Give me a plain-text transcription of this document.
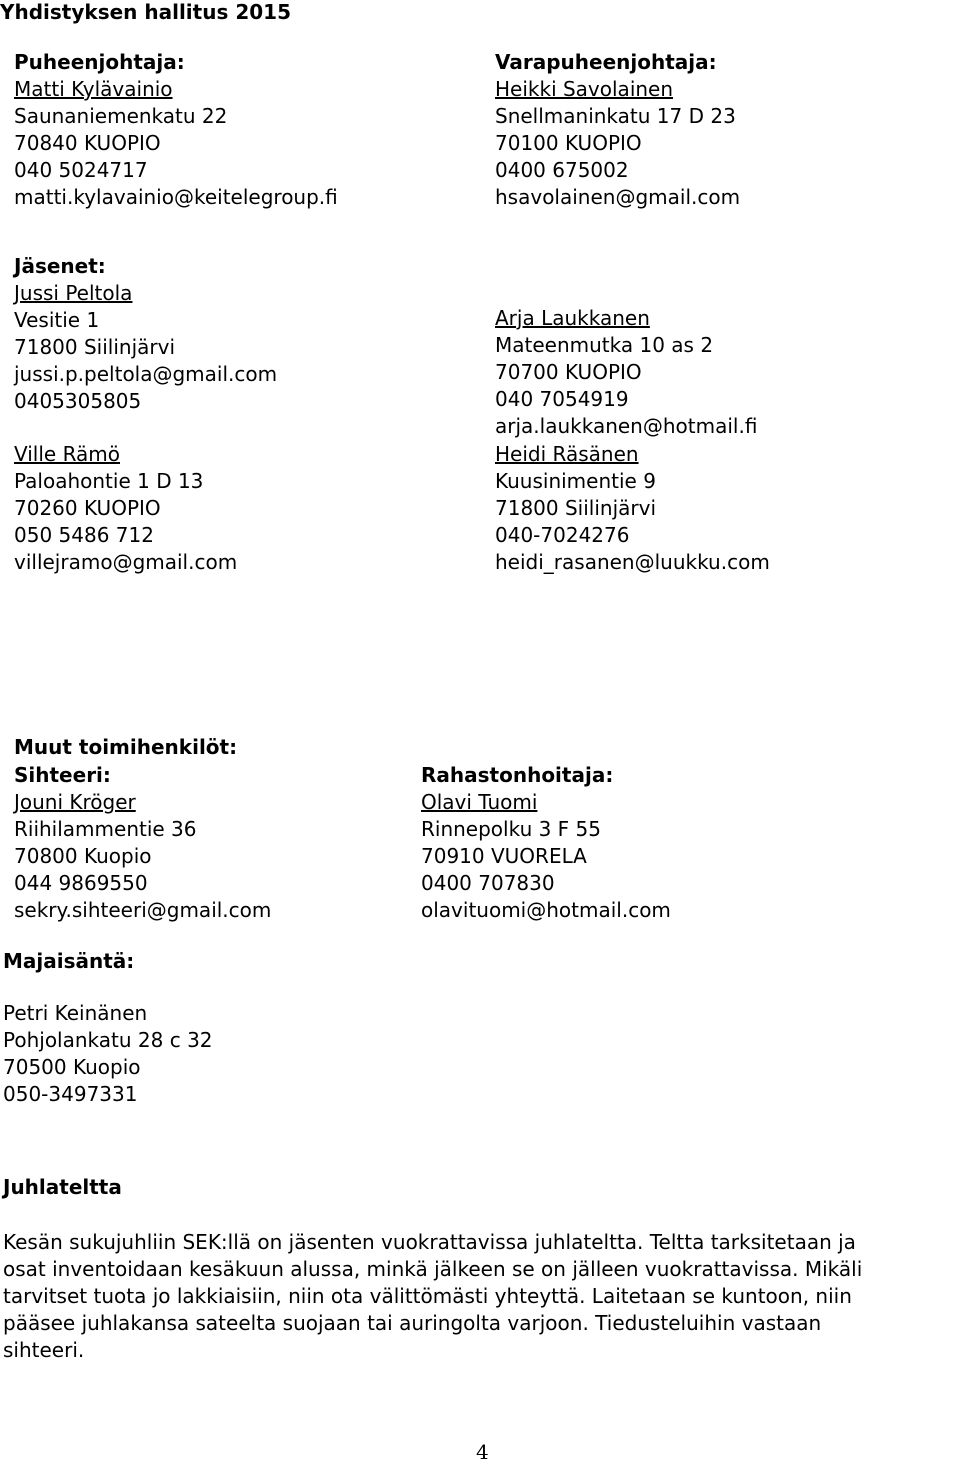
Yhdistyksen hallitus 2015
Puheenjohtaja:
Matti Kylävainio
Saunaniemenkatu 22
70840 KUOPIO
040 5024717
matti.kylavainio@keitelegroup.fi
Varapuheenjohtaja:
Heikki Savolainen
Snellmaninkatu 17 D 23
70100 KUOPIO
0400 675002
hsavolainen@gmail.com
Jäsenet:
Jussi Peltola
Vesitie 1
71800 Siilinjärvi
jussi.p.peltola@gmail.com
0405305805
Arja Laukkanen
Mateenmutka 10 as 2
70700 KUOPIO
040 7054919
arja.laukkanen@hotmail.fi
Ville Rämö
Paloahontie 1 D 13
70260 KUOPIO
050 5486 712
villejramo@gmail.com
Heidi Räsänen
Kuusinimentie 9
71800 Siilinjärvi
040-7024276
heidi_rasanen@luukku.com
Muut toimihenkilöt:
Sihteeri:
Jouni Kröger
Riihilammentie 36
70800 Kuopio
044 9869550
sekry.sihteeri@gmail.com
Rahastonhoitaja:
Olavi Tuomi
Rinnepolku 3 F 55
70910 VUORELA
0400 707830
olavituomi@hotmail.com
Majaisäntä:
Petri Keinänen
Pohjolankatu 28 c 32
70500 Kuopio
050-3497331
Juhlateltta
Kesän sukujuhliin SEK:llä on jäsenten vuokrattavissa juhlateltta. Teltta tarksitetaan ja
osat inventoidaan kesäkuun alussa, minkä jälkeen se on jälleen vuokrattavissa. Mikäli
tarvitset tuota jo lakkiaisiin, niin ota välittömästi yhteyttä. Laitetaan se kuntoon, niin
pääsee juhlakansa sateelta suojaan tai auringolta varjoon. Tiedusteluihin vastaan
sihteeri.
4
